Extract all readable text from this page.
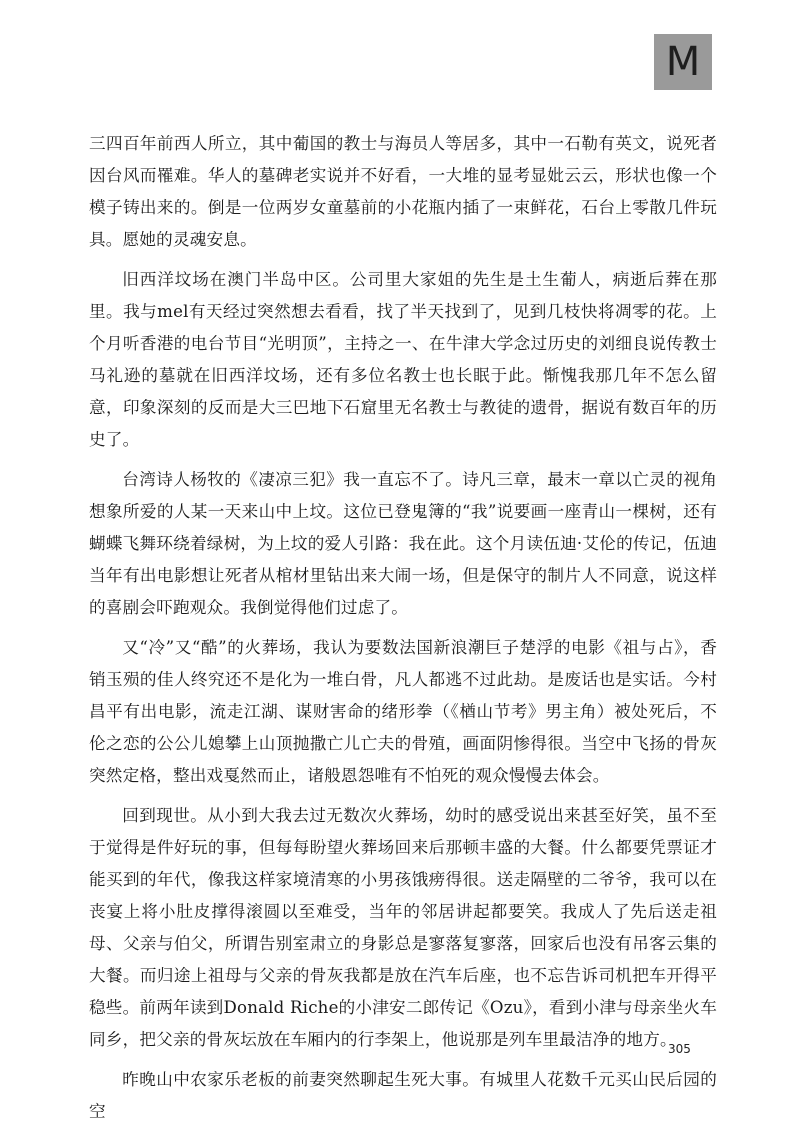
M

三四百年前西人所立，其中葡国的教士与海员人等居多，其中一石勒有英文，说死者因台风而罹难。华人的墓碑老实说并不好看，一大堆的显考显妣云云，形状也像一个模子铸出来的。倒是一位两岁女童墓前的小花瓶内插了一束鲜花，石台上零散几件玩具。愿她的灵魂安息。

旧西洋坟场在澳门半岛中区。公司里大家姐的先生是土生葡人，病逝后葬在那里。我与mel有天经过突然想去看看，找了半天找到了，见到几枝快将凋零的花。上个月听香港的电台节目“光明顶”，主持之一、在牛津大学念过历史的刘细良说传教士马礼逊的墓就在旧西洋坟场，还有多位名教士也长眠于此。惭愧我那几年不怎么留意，印象深刻的反而是大三巴地下石窟里无名教士与教徒的遗骨，据说有数百年的历史了。

台湾诗人杨牧的《凄凉三犯》我一直忘不了。诗凡三章，最末一章以亡灵的视角想象所爱的人某一天来山中上坟。这位已登鬼簿的“我”说要画一座青山一棵树，还有蝴蝶飞舞环绕着绿树，为上坟的爱人引路：我在此。这个月读伍迪·艾伦的传记，伍迪当年有出电影想让死者从棺材里钻出来大闹一场，但是保守的制片人不同意，说这样的喜剧会吓跑观众。我倒觉得他们过虑了。

又“冷”又“酷”的火葬场，我认为要数法国新浪潮巨子楚浮的电影《祖与占》，香销玉殒的佳人终究还不是化为一堆白骨，凡人都逃不过此劫。是废话也是实话。今村昌平有出电影，流走江湖、谋财害命的绪形拳（《楢山节考》男主角）被处死后，不伦之恋的公公儿媳攀上山顶抛撒亡儿亡夫的骨殖，画面阴惨得很。当空中飞扬的骨灰突然定格，整出戏戛然而止，诸般恩怨唯有不怕死的观众慢慢去体会。

回到现世。从小到大我去过无数次火葬场，幼时的感受说出来甚至好笑，虽不至于觉得是件好玩的事，但每每盼望火葬场回来后那顿丰盛的大餐。什么都要凭票证才能买到的年代，像我这样家境清寒的小男孩饿痨得很。送走隔壁的二爷爷，我可以在丧宴上将小肚皮撑得滚圆以至难受，当年的邻居讲起都要笑。我成人了先后送走祖母、父亲与伯父，所谓告别室肃立的身影总是寥落复寥落，回家后也没有吊客云集的大餐。而归途上祖母与父亲的骨灰我都是放在汽车后座，也不忘告诉司机把车开得平稳些。前两年读到Donald Riche的小津安二郎传记《Ozu》，看到小津与母亲坐火车同乡，把父亲的骨灰坛放在车厢内的行李架上，他说那是列车里最洁净的地方。

昨晚山中农家乐老板的前妻突然聊起生死大事。有城里人花数千元买山民后园的空

305
